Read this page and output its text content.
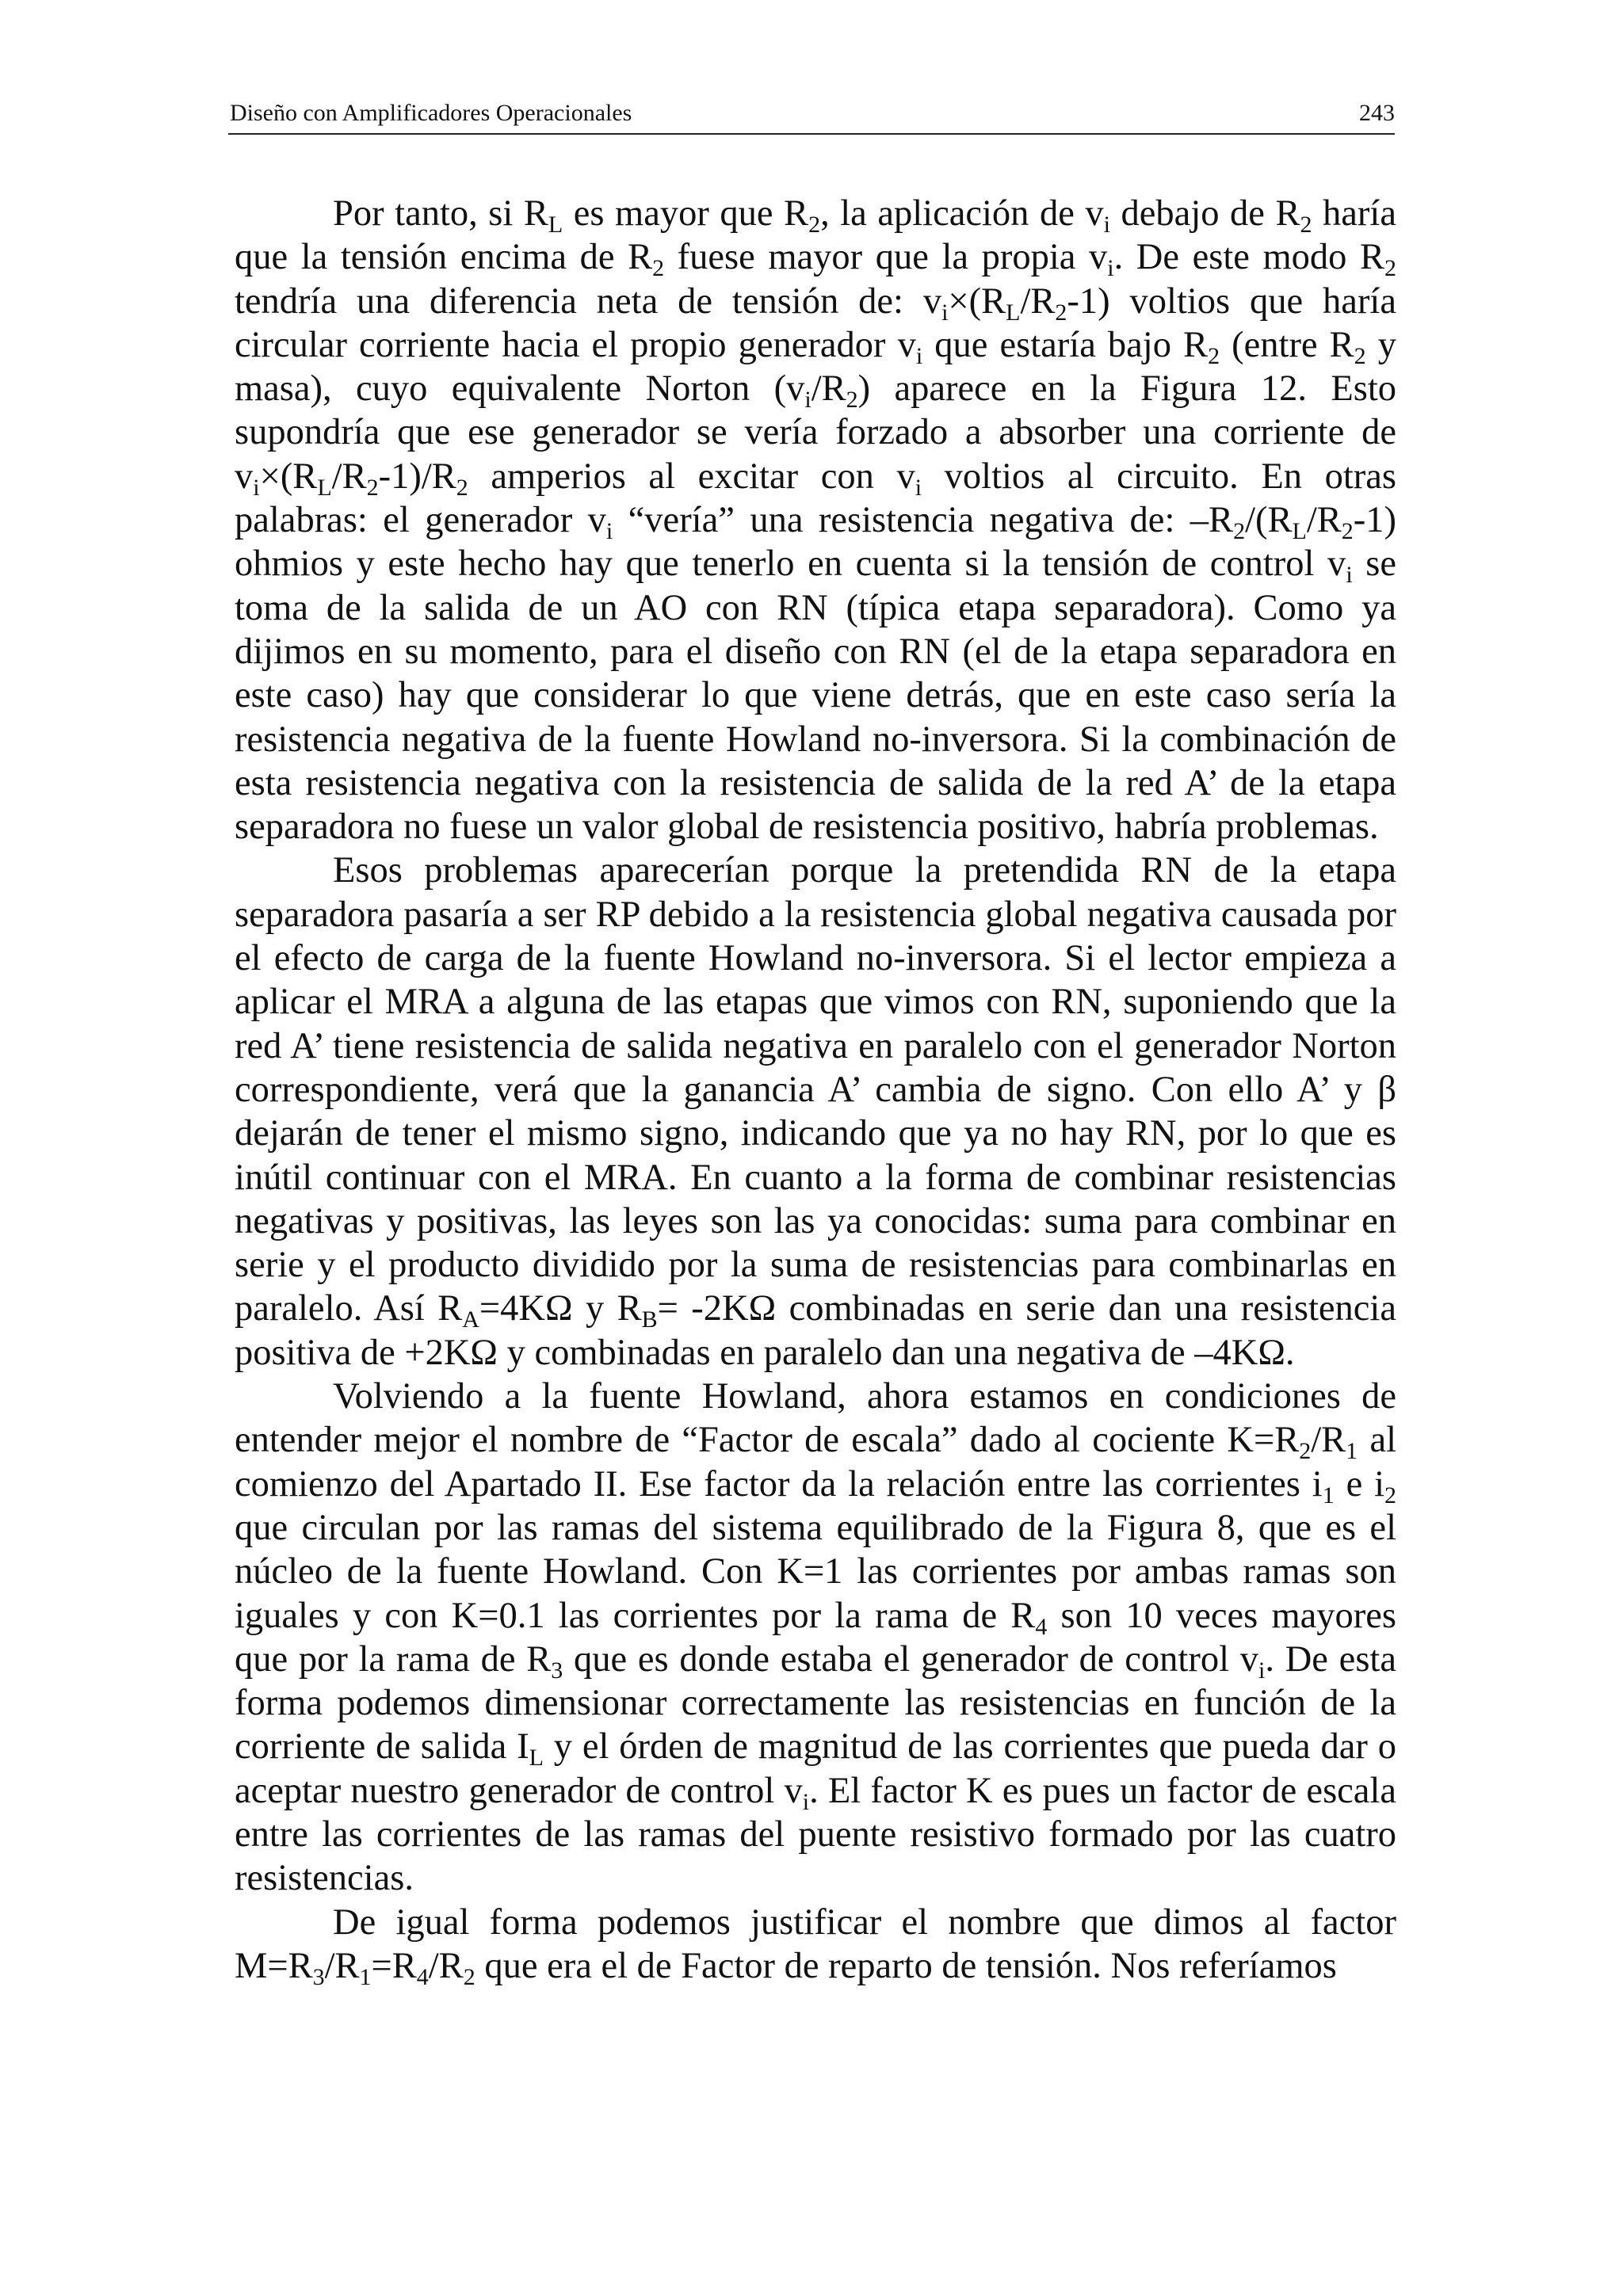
Diseño con Amplificadores Operacionales	243

Por tanto, si $R_L$ es mayor que $R_2$, la aplicación de $v_i$ debajo de $R_2$ haría que la tensión encima de $R_2$ fuese mayor que la propia $v_i$. De este modo $R_2$ tendría una diferencia neta de tensión de: $v_i\times(R_L/R_2-1)$ voltios que haría circular corriente hacia el propio generador $v_i$ que estaría bajo $R_2$ (entre $R_2$ y masa), cuyo equivalente Norton $(v_i/R_2)$ aparece en la Figura 12. Esto supondría que ese generador se vería forzado a absorber una corriente de $v_i\times(R_L/R_2-1)/R_2$ amperios al excitar con $v_i$ voltios al circuito. En otras palabras: el generador $v_i$ “vería” una resistencia negativa de: $-R_2/(R_L/R_2-1)$ ohmios y este hecho hay que tenerlo en cuenta si la tensión de control $v_i$ se toma de la salida de un AO con RN (típica etapa separadora). Como ya dijimos en su momento, para el diseño con RN (el de la etapa separadora en este caso) hay que considerar lo que viene detrás, que en este caso sería la resistencia negativa de la fuente Howland no-inversora. Si la combinación de esta resistencia negativa con la resistencia de salida de la red A’ de la etapa separadora no fuese un valor global de resistencia positivo, habría problemas.

Esos problemas aparecerían porque la pretendida RN de la etapa separadora pasaría a ser RP debido a la resistencia global negativa causada por el efecto de carga de la fuente Howland no-inversora. Si el lector empieza a aplicar el MRA a alguna de las etapas que vimos con RN, suponiendo que la red A’ tiene resistencia de salida negativa en paralelo con el generador Norton correspondiente, verá que la ganancia A’ cambia de signo. Con ello A’ y β dejarán de tener el mismo signo, indicando que ya no hay RN, por lo que es inútil continuar con el MRA. En cuanto a la forma de combinar resistencias negativas y positivas, las leyes son las ya conocidas: suma para combinar en serie y el producto dividido por la suma de resistencias para combinarlas en paralelo. Así $R_A=4K\Omega$ y $R_B= -2K\Omega$ combinadas en serie dan una resistencia positiva de +2KΩ y combinadas en paralelo dan una negativa de –4KΩ.

Volviendo a la fuente Howland, ahora estamos en condiciones de entender mejor el nombre de “Factor de escala” dado al cociente $K=R_2/R_1$ al comienzo del Apartado II. Ese factor da la relación entre las corrientes $i_1$ e $i_2$ que circulan por las ramas del sistema equilibrado de la Figura 8, que es el núcleo de la fuente Howland. Con K=1 las corrientes por ambas ramas son iguales y con K=0.1 las corrientes por la rama de $R_4$ son 10 veces mayores que por la rama de $R_3$ que es donde estaba el generador de control $v_i$. De esta forma podemos dimensionar correctamente las resistencias en función de la corriente de salida $I_L$ y el órden de magnitud de las corrientes que pueda dar o aceptar nuestro generador de control $v_i$. El factor K es pues un factor de escala entre las corrientes de las ramas del puente resistivo formado por las cuatro resistencias.

De igual forma podemos justificar el nombre que dimos al factor $M=R_3/R_1=R_4/R_2$ que era el de Factor de reparto de tensión. Nos referíamos
